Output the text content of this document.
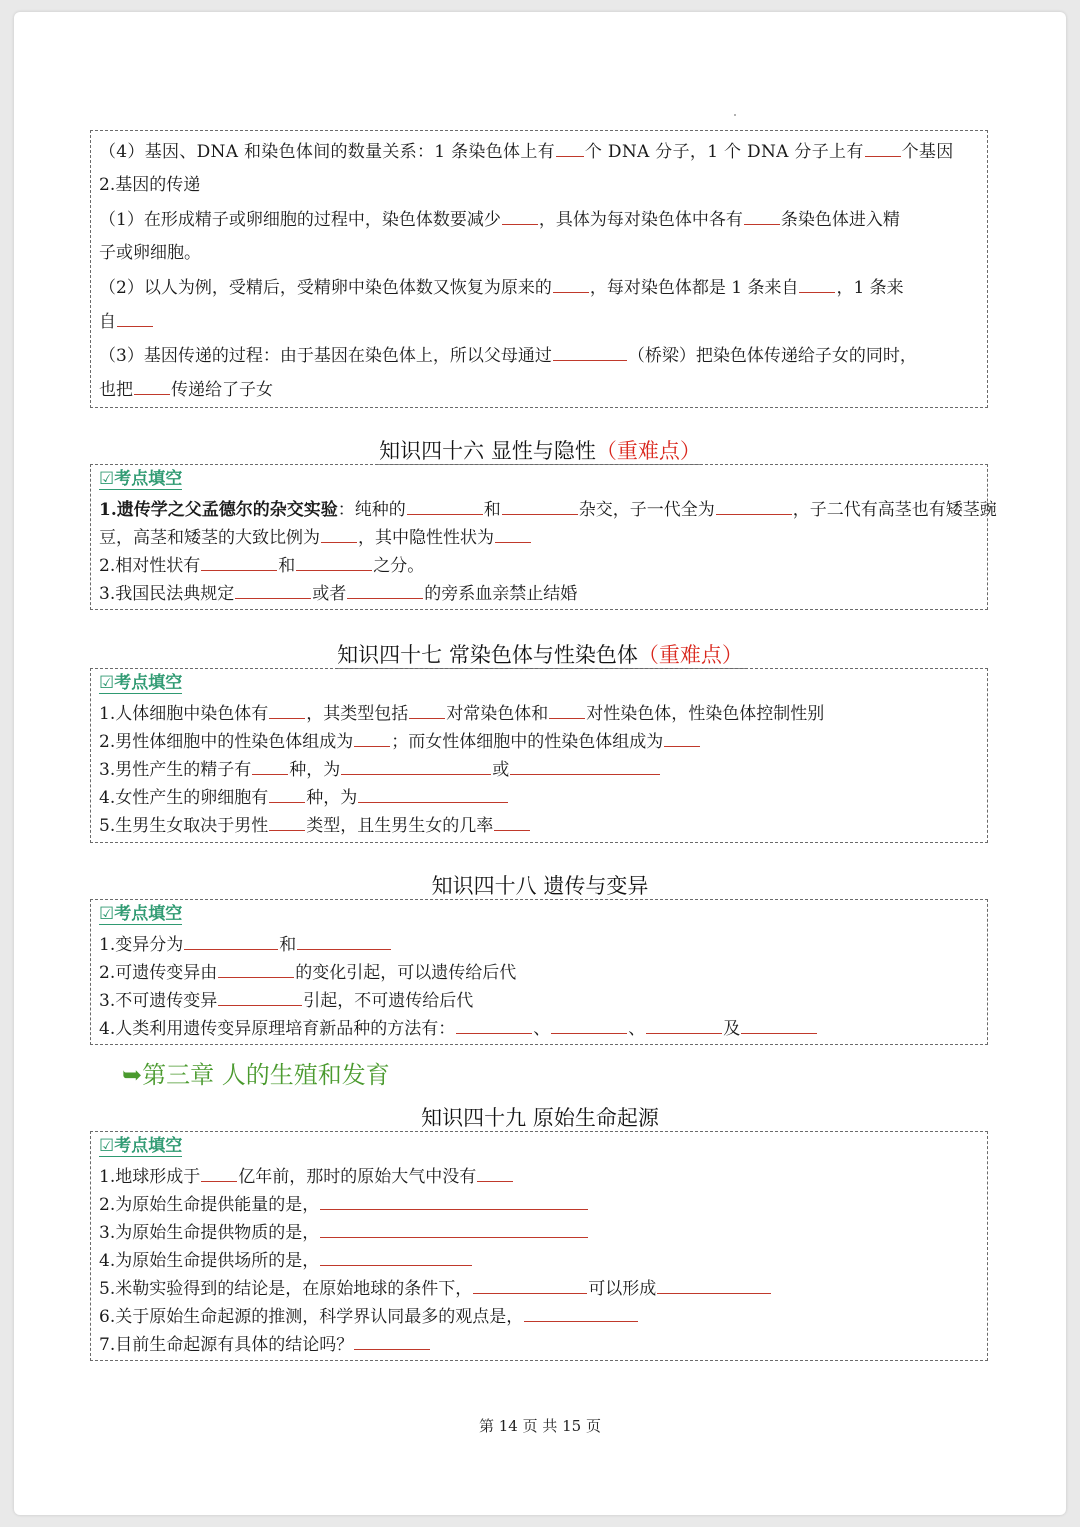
（4）基因、DNA 和染色体间的数量关系：1 条染色体上有 个 DNA 分子，1 个 DNA 分子上有 个基因
2.基因的传递
（1）在形成精子或卵细胞的过程中，染色体数要减少 ，具体为每对染色体中各有 条染色体进入精
子或卵细胞。
（2）以人为例，受精后，受精卵中染色体数又恢复为原来的 ，每对染色体都是 1 条来自 ，1 条来
自
（3）基因传递的过程：由于基因在染色体上，所以父母通过	（桥梁）把染色体传递给子女的同时，
也把 传递给了子女
知识四十六 显性与隐性（重难点）
☑考点填空
1.遗传学之父孟德尔的杂交实验：纯种的	和	杂交，子一代全为	，子二代有高茎也有矮茎豌
豆，高茎和矮茎的大致比例为 ，其中隐性性状为
2.相对性状有	和	之分。
3.我国民法典规定	或者	的旁系血亲禁止结婚
知识四十七 常染色体与性染色体（重难点）
☑考点填空
1.人体细胞中染色体有 ，其类型包括 对常染色体和 对性染色体，性染色体控制性别
2.男性体细胞中的性染色体组成为 ；而女性体细胞中的性染色体组成为
3.男性产生的精子有 种，为	或
4.女性产生的卵细胞有 种，为
5.生男生女取决于男性 类型，且生男生女的几率
知识四十八 遗传与变异
☑考点填空
1.变异分为	和
2.可遗传变异由	的变化引起，可以遗传给后代
3.不可遗传变异	引起，不可遗传给后代
4.人类利用遗传变异原理培育新品种的方法有：	、	、	及
➥第三章 人的生殖和发育
知识四十九 原始生命起源
☑考点填空
1.地球形成于 亿年前，那时的原始大气中没有
2.为原始生命提供能量的是，
3.为原始生命提供物质的是，
4.为原始生命提供场所的是，
5.米勒实验得到的结论是，在原始地球的条件下，	可以形成
6.关于原始生命起源的推测，科学界认同最多的观点是，
7.目前生命起源有具体的结论吗？
第 14 页 共 15 页
